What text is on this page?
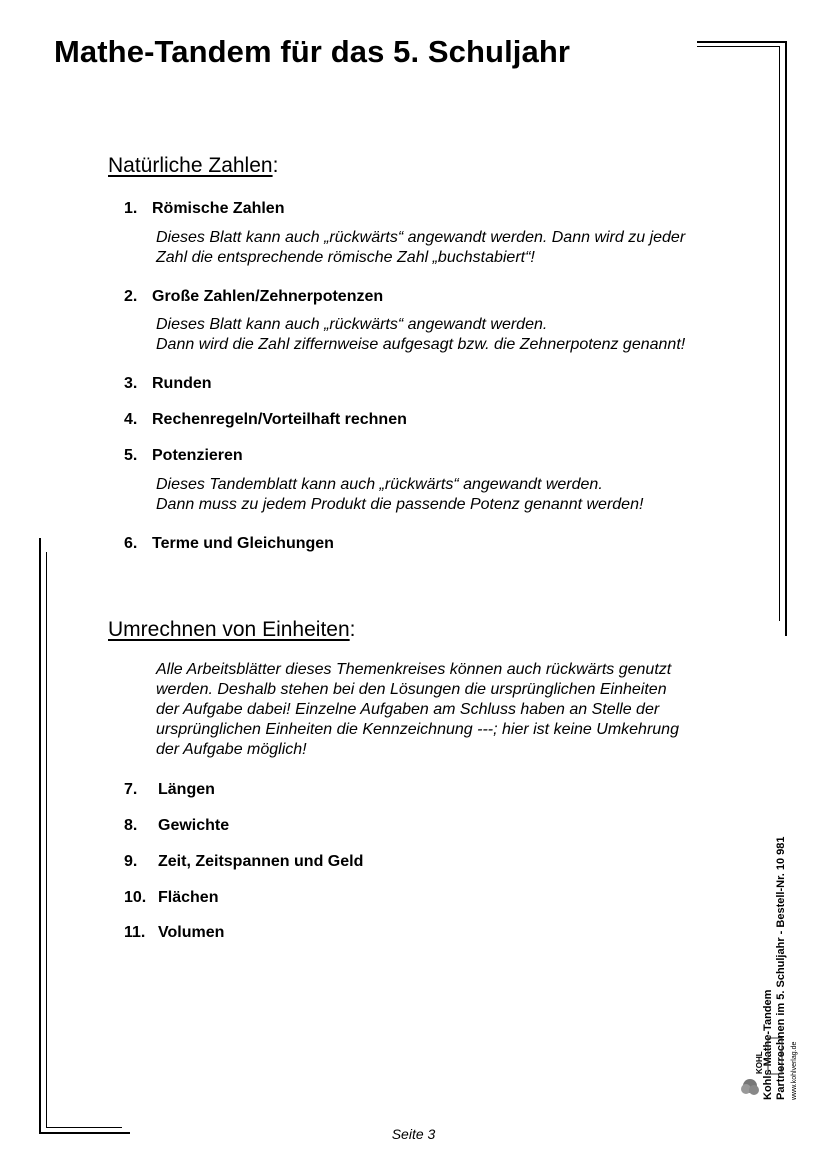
Mathe-Tandem für das 5. Schuljahr
Natürliche Zahlen:
1. Römische Zahlen
Dieses Blatt kann auch „rückwärts“ angewandt werden. Dann wird zu jeder
Zahl die entsprechende römische Zahl „buchstabiert“!
2. Große Zahlen/Zehnerpotenzen
Dieses Blatt kann auch „rückwärts“ angewandt werden.
Dann wird die Zahl ziffernweise aufgesagt bzw. die Zehnerpotenz genannt!
3. Runden
4. Rechenregeln/Vorteilhaft rechnen
5. Potenzieren
Dieses Tandemblatt kann auch „rückwärts“ angewandt werden.
Dann muss zu jedem Produkt die passende Potenz genannt werden!
6. Terme und Gleichungen
Umrechnen von Einheiten:
Alle Arbeitsblätter dieses Themenkreises können auch rückwärts genutzt
werden. Deshalb stehen bei den Lösungen die ursprünglichen Einheiten
der Aufgabe dabei! Einzelne Aufgaben am Schluss haben an Stelle der
ursprünglichen Einheiten die Kennzeichnung ---; hier ist keine Umkehrung
der Aufgabe möglich!
7. Längen
8. Gewichte
9. Zeit, Zeitspannen und Geld
10. Flächen
11. Volumen
Kohls Mathe-Tandem Partnerrechnen im 5. Schuljahr - Bestell-Nr. 10 981 www.kohlverlag.de
KOHL
Seite 3
